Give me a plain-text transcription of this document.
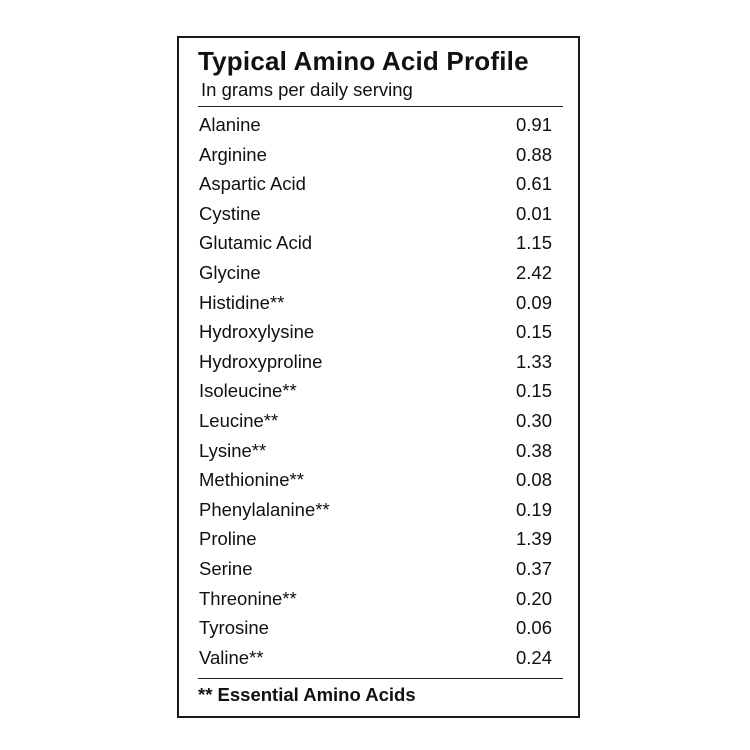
Typical Amino Acid Profile
In grams per daily serving
Alanine	0.91
Arginine	0.88
Aspartic Acid	0.61
Cystine	0.01
Glutamic Acid	1.15
Glycine	2.42
Histidine**	0.09
Hydroxylysine	0.15
Hydroxyproline	1.33
Isoleucine**	0.15
Leucine**	0.30
Lysine**	0.38
Methionine**	0.08
Phenylalanine**	0.19
Proline	1.39
Serine	0.37
Threonine**	0.20
Tyrosine	0.06
Valine**	0.24
** Essential Amino Acids
